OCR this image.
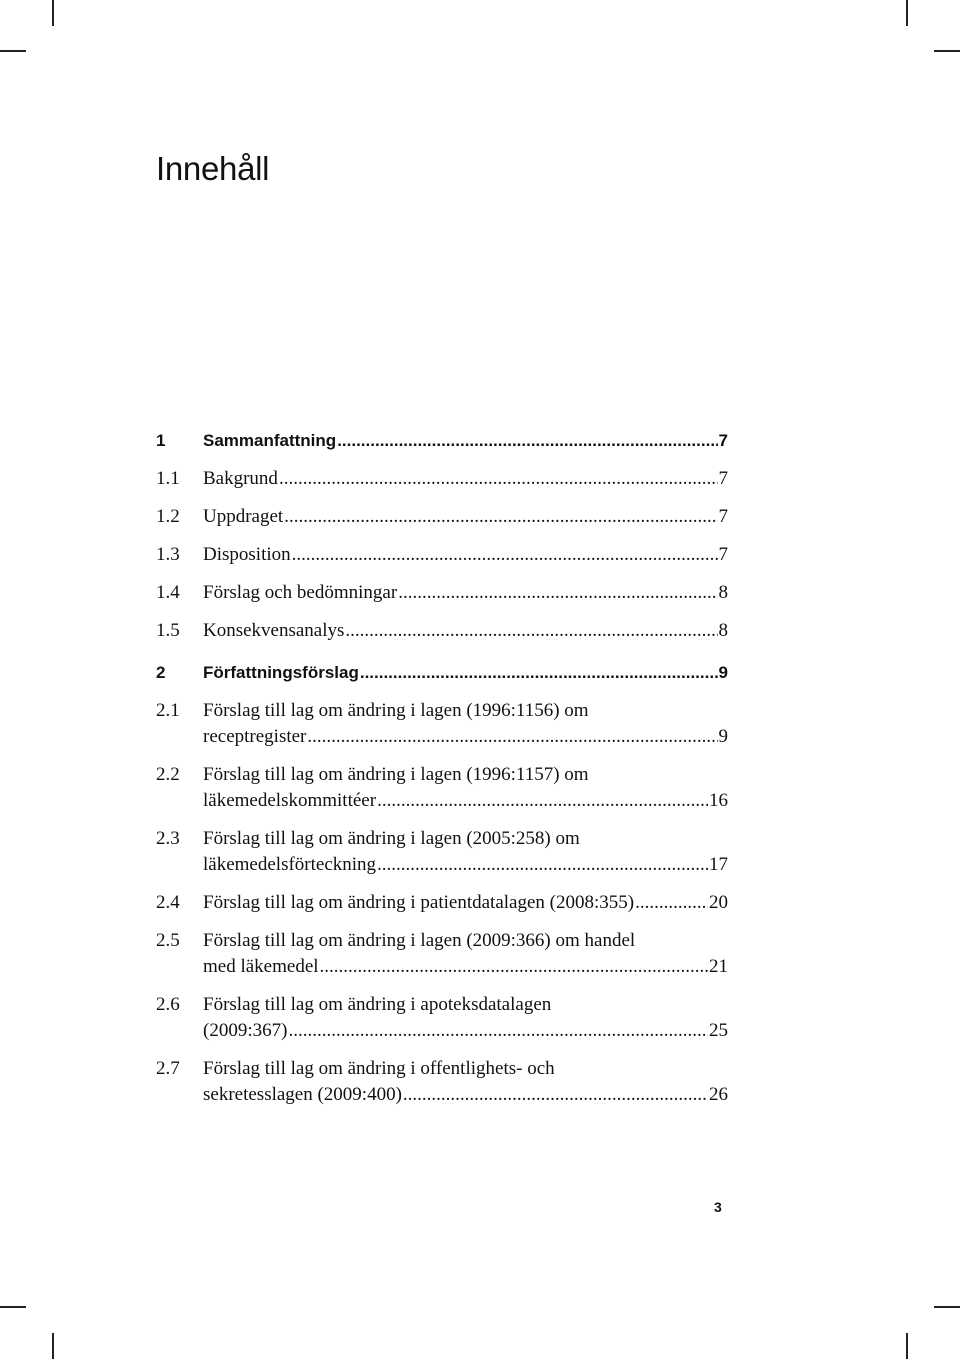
Innehåll
1	Sammanfattning .....	7
1.1	Bakgrund .....	7
1.2	Uppdraget .....	7
1.3	Disposition .....	7
1.4	Förslag och bedömningar .....	8
1.5	Konsekvensanalys .....	8
2	Författningsförslag .....	9
2.1	Förslag till lag om ändring i lagen (1996:1156) om
receptregister .....	9
2.2	Förslag till lag om ändring i lagen (1996:1157) om
läkemedelskommittéer .....	16
2.3	Förslag till lag om ändring i lagen (2005:258) om
läkemedelsförteckning .....	17
2.4	Förslag till lag om ändring i patientdatalagen (2008:355) .....	20
2.5	Förslag till lag om ändring i lagen (2009:366) om handel
med läkemedel .....	21
2.6	Förslag till lag om ändring i apoteksdatalagen
(2009:367) .....	25
2.7	Förslag till lag om ändring i offentlighets- och
sekretesslagen (2009:400) .....	26
3
